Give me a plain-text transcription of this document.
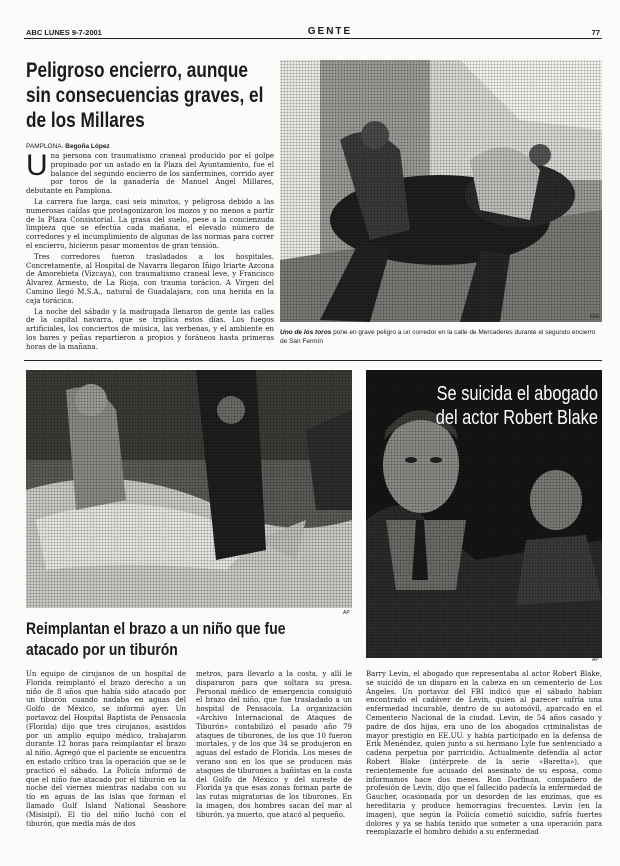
ABC LUNES 9-7-2001	GENTE	77
Peligroso encierro, aunque sin consecuencias graves, el de los Millares
PAMPLONA. Begoña López

Una persona con traumatismo craneal producido por el golpe propinado por un astado en la Plaza del Ayuntamiento, fue el balance del segundo encierro de los sanfermines, corrido ayer por toros de la ganadería de Manuel Ángel Millares, debutante en Pamplona.

La carrera fue larga, casi seis minutos, y peligrosa debido a las numerosas caídas que protagonizaron los mozos y no menos a partir de la Plaza Consistorial. La grasa del suelo, pese a la concienzuda limpieza que se efectúa cada mañana, el elevado número de corredores y el incumplimiento de algunas de las normas para correr el encierro, hicieron pasar momentos de gran tensión.

Tres corredores fueron trasladados a los hospitales. Concretamente, al Hospital de Navarra llegaron Iñigo Iriarte Azcona de Amorebieta (Vizcaya), con traumatismo craneal leve, y Francisco Álvarez Armesto, de La Rioja, con trauma torácico. A Virgen del Camino llegó M.S.A., natural de Guadalajara, con una herida en la caja torácica.

La noche del sábado y la madrugada llenaron de gente las calles de la capital navarra, que se triplica estos días. Los fuegos artificiales, los conciertos de música, las verbenas, y el ambiente en los bares y peñas repartieron a propios y foráneos hasta primeras horas de la mañana.

EFE
Uno de los toros pone en grave peligro a un corredor en la calle de Mercaderes durante el segundo encierro de San Fermín
AP
Se suicida el abogado del actor Robert Blake
AP
Reimplantan el brazo a un niño que fue atacado por un tiburón
Un equipo de cirujanos de un hospital de Florida reimplantó el brazo derecho a un niño de 8 años que había sido atacado por un tiburón cuando nadaba en aguas del Golfo de México, se informó ayer. Un portavoz del Hospital Baptista de Pensacola (Florida) dijo que tres cirujanos, asistidos por un amplio equipo médico, trabajaron durante 12 horas para reimplantar el brazo al niño. Agregó que el paciente se encuentra en estado crítico tras la operación que se le practicó el sábado. La Policía informó de que el niño fue atacado por el tiburón en la noche del viernes mientras nadaba con su tío en aguas de las islas que forman el llamado Gulf Island National Seashore (Misisipí). El tío del niño luchó con el tiburón, que medía más de dos
metros, para llevarlo a la costa, y allí le dispararon para que soltara su presa. Personal médico de emergencia consiguió el brazo del niño, que fue trasladado a un hospital de Pensacola. La organización «Archivo Internacional de Ataques de Tiburón» contabilizó el pasado año 79 ataques de tiburones, de los que 10 fueron mortales, y de los que 34 se produjeron en aguas del estado de Florida. Los meses de verano son en los que se producen más ataques de tiburones a bañistas en la costa del Golfo de México y del sureste de Florida ya que esas zonas forman parte de las rutas migratorias de los tiburones. En la imagen, dos hombres sacan del mar al tiburón, ya muerto, que atacó al pequeño.
Barry Levin, el abogado que representaba al actor Robert Blake, se suicidó de un disparo en la cabeza en un cementerio de Los Ángeles. Un portavoz del FBI indicó que el sábado habían encontrado el cadáver de Levin, quien al parecer sufría una enfermedad incurable, dentro de su automóvil, aparcado en el Cementerio Nacional de la ciudad. Levin, de 54 años casado y padre de dos hijas, era uno de los abogados criminalistas de mayor prestigio en EE.UU. y había participado en la defensa de Erik Menéndez, quien junto a su hermano Lyle fue sentenciado a cadena perpetua por parricidio. Actualmente defendía al actor Robert Blake (intérprete de la serie «Baretta»), que recientemente fue acusado del asesinato de su esposa, como informamos hace dos meses. Ron Dorfman, compañero de profesión de Levin, dijo que el fallecido padecía la enfermedad de Gaucher, ocasionada por un desorden de las enzimas, que es hereditaria y produce hemorragias frecuentes. Levin (en la imagen), que según la Policía cometió suicidio, sufría fuertes dolores y ya se había tenido que someter a una operación para reemplazarle el hombro debido a su enfermedad
